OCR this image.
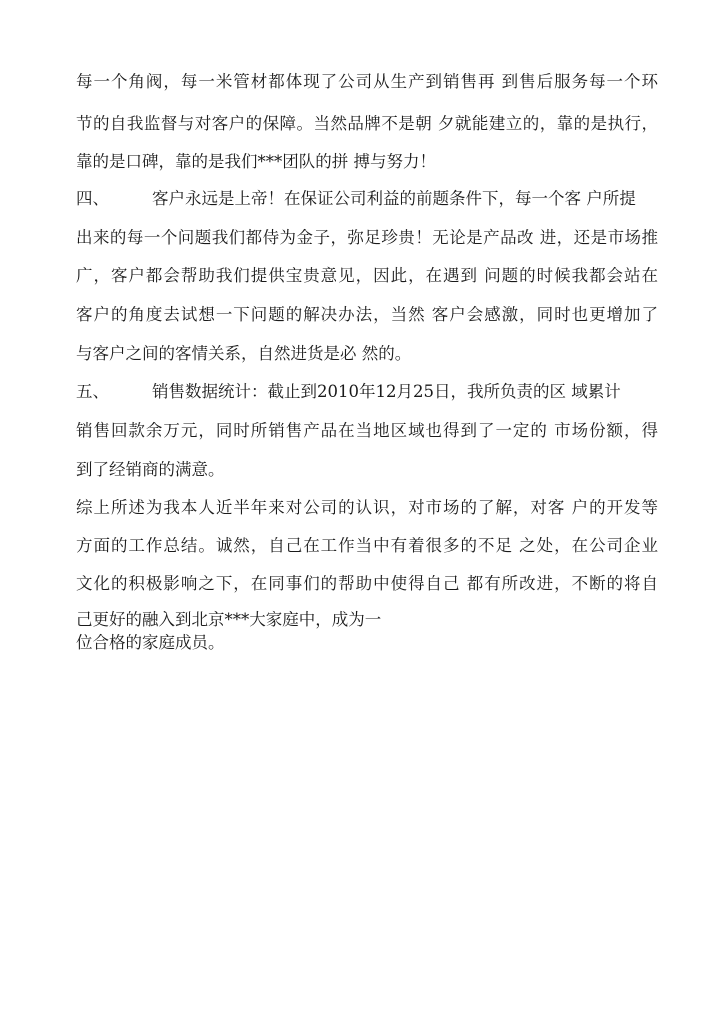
每一个角阀，每一米管材都体现了公司从生产到销售再 到售后服务每一个环
节的自我监督与对客户的保障。当然品牌不是朝 夕就能建立的，靠的是执行，
靠的是口碑，靠的是我们***团队的拼 搏与努力！
四、	客户永远是上帝！在保证公司利益的前题条件下，每一个客 户所提
出来的每一个问题我们都侍为金子，弥足珍贵！无论是产品改 进，还是市场推
广，客户都会帮助我们提供宝贵意见，因此，在遇到 问题的时候我都会站在
客户的角度去试想一下问题的解决办法，当然 客户会感激，同时也更增加了
与客户之间的客情关系，自然进货是必 然的。
五、	销售数据统计：截止到2010年12月25日，我所负责的区 域累计
销售回款余万元，同时所销售产品在当地区域也得到了一定的 市场份额，得
到了经销商的满意。
综上所述为我本人近半年来对公司的认识，对市场的了解，对客 户的开发等
方面的工作总结。诚然，自己在工作当中有着很多的不足 之处，在公司企业
文化的积极影响之下，在同事们的帮助中使得自己 都有所改进，不断的将自
己更好的融入到北京***大家庭中，成为一
位合格的家庭成员。
